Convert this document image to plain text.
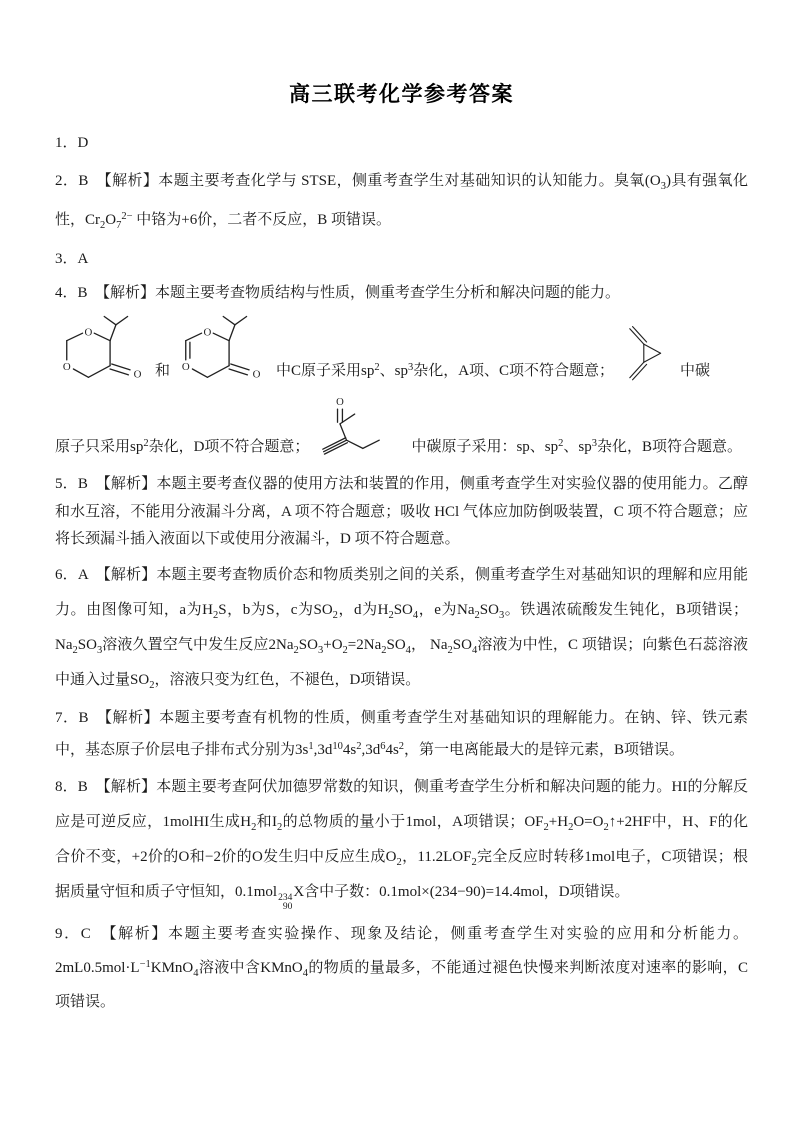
高三联考化学参考答案

1．D

2．B　【解析】本题主要考查化学与 STSE，侧重考查学生对基础知识的认知能力。臭氧$(O_3)$具有强氧化性，$Cr_2O_7^{2-}$ 中铬为+6价，二者不反应，B 项错误。

3．A

4．B　【解析】本题主要考查物质结构与性质，侧重考查学生分析和解决问题的能力。

O
O
O 和
O
O
O 中C原子采用$sp^2$、$sp^3$杂化，A项、C项不符合题意；	中碳
原子只采用$sp^2$杂化，D项不符合题意；
O
中碳原子采用：sp、$sp^2$、$sp^3$杂化，B项符合题意。

5．B　【解析】本题主要考查仪器的使用方法和装置的作用，侧重考查学生对实验仪器的使用能力。乙醇和水互溶，不能用分液漏斗分离，A 项不符合题意；吸收 HCl 气体应加防倒吸装置，C 项不符合题意；应将长颈漏斗插入液面以下或使用分液漏斗，D 项不符合题意。

6．A　【解析】本题主要考查物质价态和物质类别之间的关系，侧重考查学生对基础知识的理解和应用能力。由图像可知，a为$H_2S$，b为S，c为$SO_2$，d为$H_2SO_4$，e为$Na_2SO_3$。铁遇浓硫酸发生钝化，B项错误；$Na_2SO_3$溶液久置空气中发生反应$2Na_2SO_3+O_2=2Na_2SO_4$， $Na_2SO_4$溶液为中性，C 项错误；向紫色石蕊溶液中通入过量$SO_2$，溶液只变为红色，不褪色，D项错误。

7．B　【解析】本题主要考查有机物的性质，侧重考查学生对基础知识的理解能力。在钠、锌、铁元素中，基态原子价层电子排布式分别为$3s^1,3d^{10}4s^2,3d^64s^2$，第一电离能最大的是锌元素，B项错误。

8．B　【解析】本题主要考查阿伏加德罗常数的知识，侧重考查学生分析和解决问题的能力。HI的分解反应是可逆反应，1molHI生成$H_2$和$I_2$的总物质的量小于1mol，A项错误；$OF_2+H_2O=O_2↑+2HF$中，H、F的化合价不变，+2价的O和−2价的O发生归中反应生成$O_2$，$11.2LOF_2$完全反应时转移1mol电子，C项错误；根据质量守恒和质子守恒知，0.1mol 234
90
X含中子数：0.1mol×(234−90)=14.4mol，D项错误。

9．C　【解析】本题主要考查实验操作、现象及结论，侧重考查学生对实验的应用和分析能力。$2mL0.5mol\cdot L^{-1}KMnO_4$溶液中含KMnO$_4$的物质的量最多，不能通过褪色快慢来判断浓度对速率的影响，C项错误。
